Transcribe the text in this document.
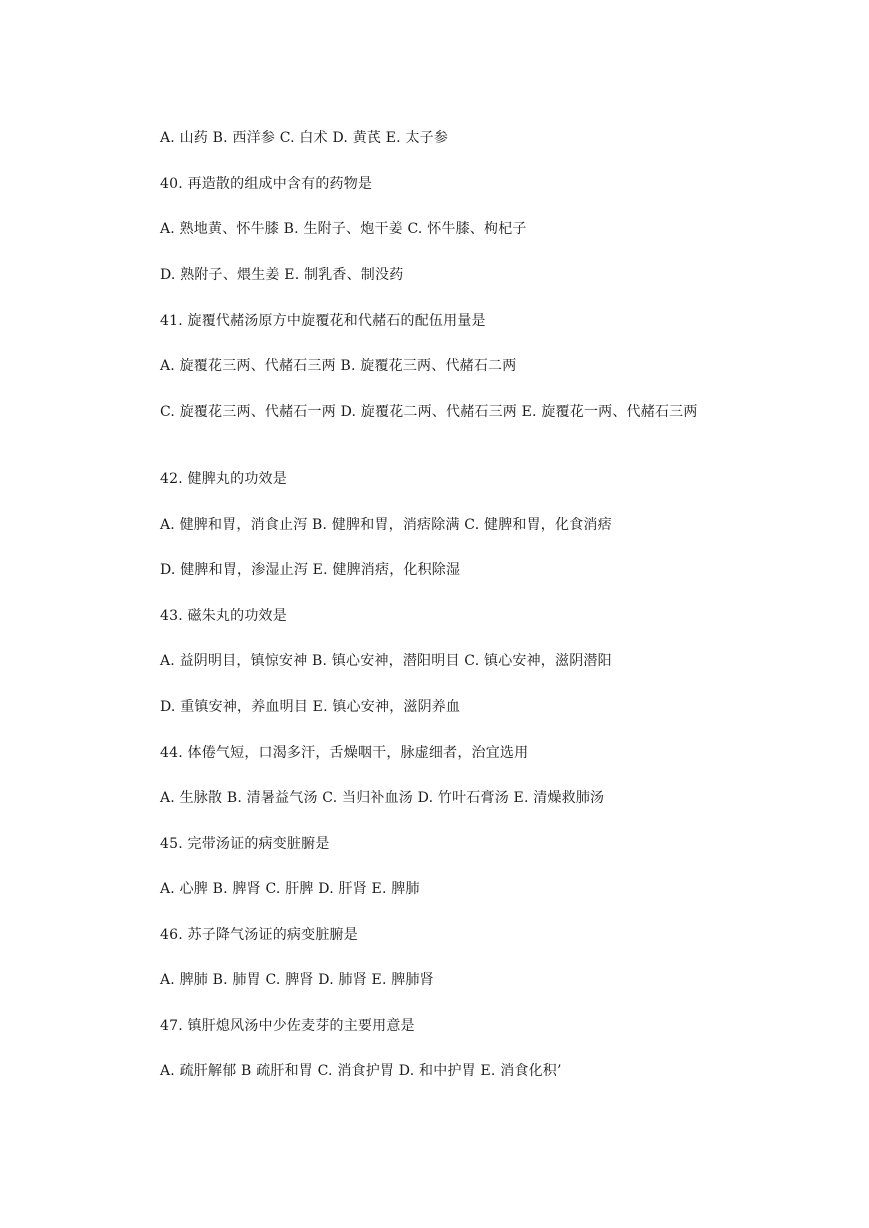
A. 山药 B. 西洋参 C. 白术 D. 黄芪 E. 太子参
40. 再造散的组成中含有的药物是
A. 熟地黄、怀牛膝 B. 生附子、炮干姜 C. 怀牛膝、枸杞子
D. 熟附子、煨生姜 E. 制乳香、制没药
41. 旋覆代赭汤原方中旋覆花和代赭石的配伍用量是
A. 旋覆花三两、代赭石三两 B. 旋覆花三两、代赭石二两
C. 旋覆花三两、代赭石一两 D. 旋覆花二两、代赭石三两 E. 旋覆花一两、代赭石三两
42. 健脾丸的功效是
A. 健脾和胃，消食止泻 B. 健脾和胃，消痞除满 C. 健脾和胃，化食消痞
D. 健脾和胃，渗湿止泻 E. 健脾消痞，化积除湿
43. 磁朱丸的功效是
A. 益阴明目，镇惊安神 B. 镇心安神，潜阳明目 C. 镇心安神，滋阴潜阳
D. 重镇安神，养血明目 E. 镇心安神，滋阴养血
44. 体倦气短，口渴多汗，舌燥咽干，脉虚细者，治宜选用
A. 生脉散 B. 清暑益气汤 C. 当归补血汤 D. 竹叶石膏汤 E. 清燥救肺汤
45. 完带汤证的病变脏腑是
A. 心脾 B. 脾肾 C. 肝脾 D. 肝肾 E. 脾肺
46. 苏子降气汤证的病变脏腑是
A. 脾肺 B. 肺胃 C. 脾肾 D. 肺肾 E. 脾肺肾
47. 镇肝熄风汤中少佐麦芽的主要用意是
A. 疏肝解郁 B 疏肝和胃 C. 消食护胃 D. 和中护胃 E. 消食化积’
